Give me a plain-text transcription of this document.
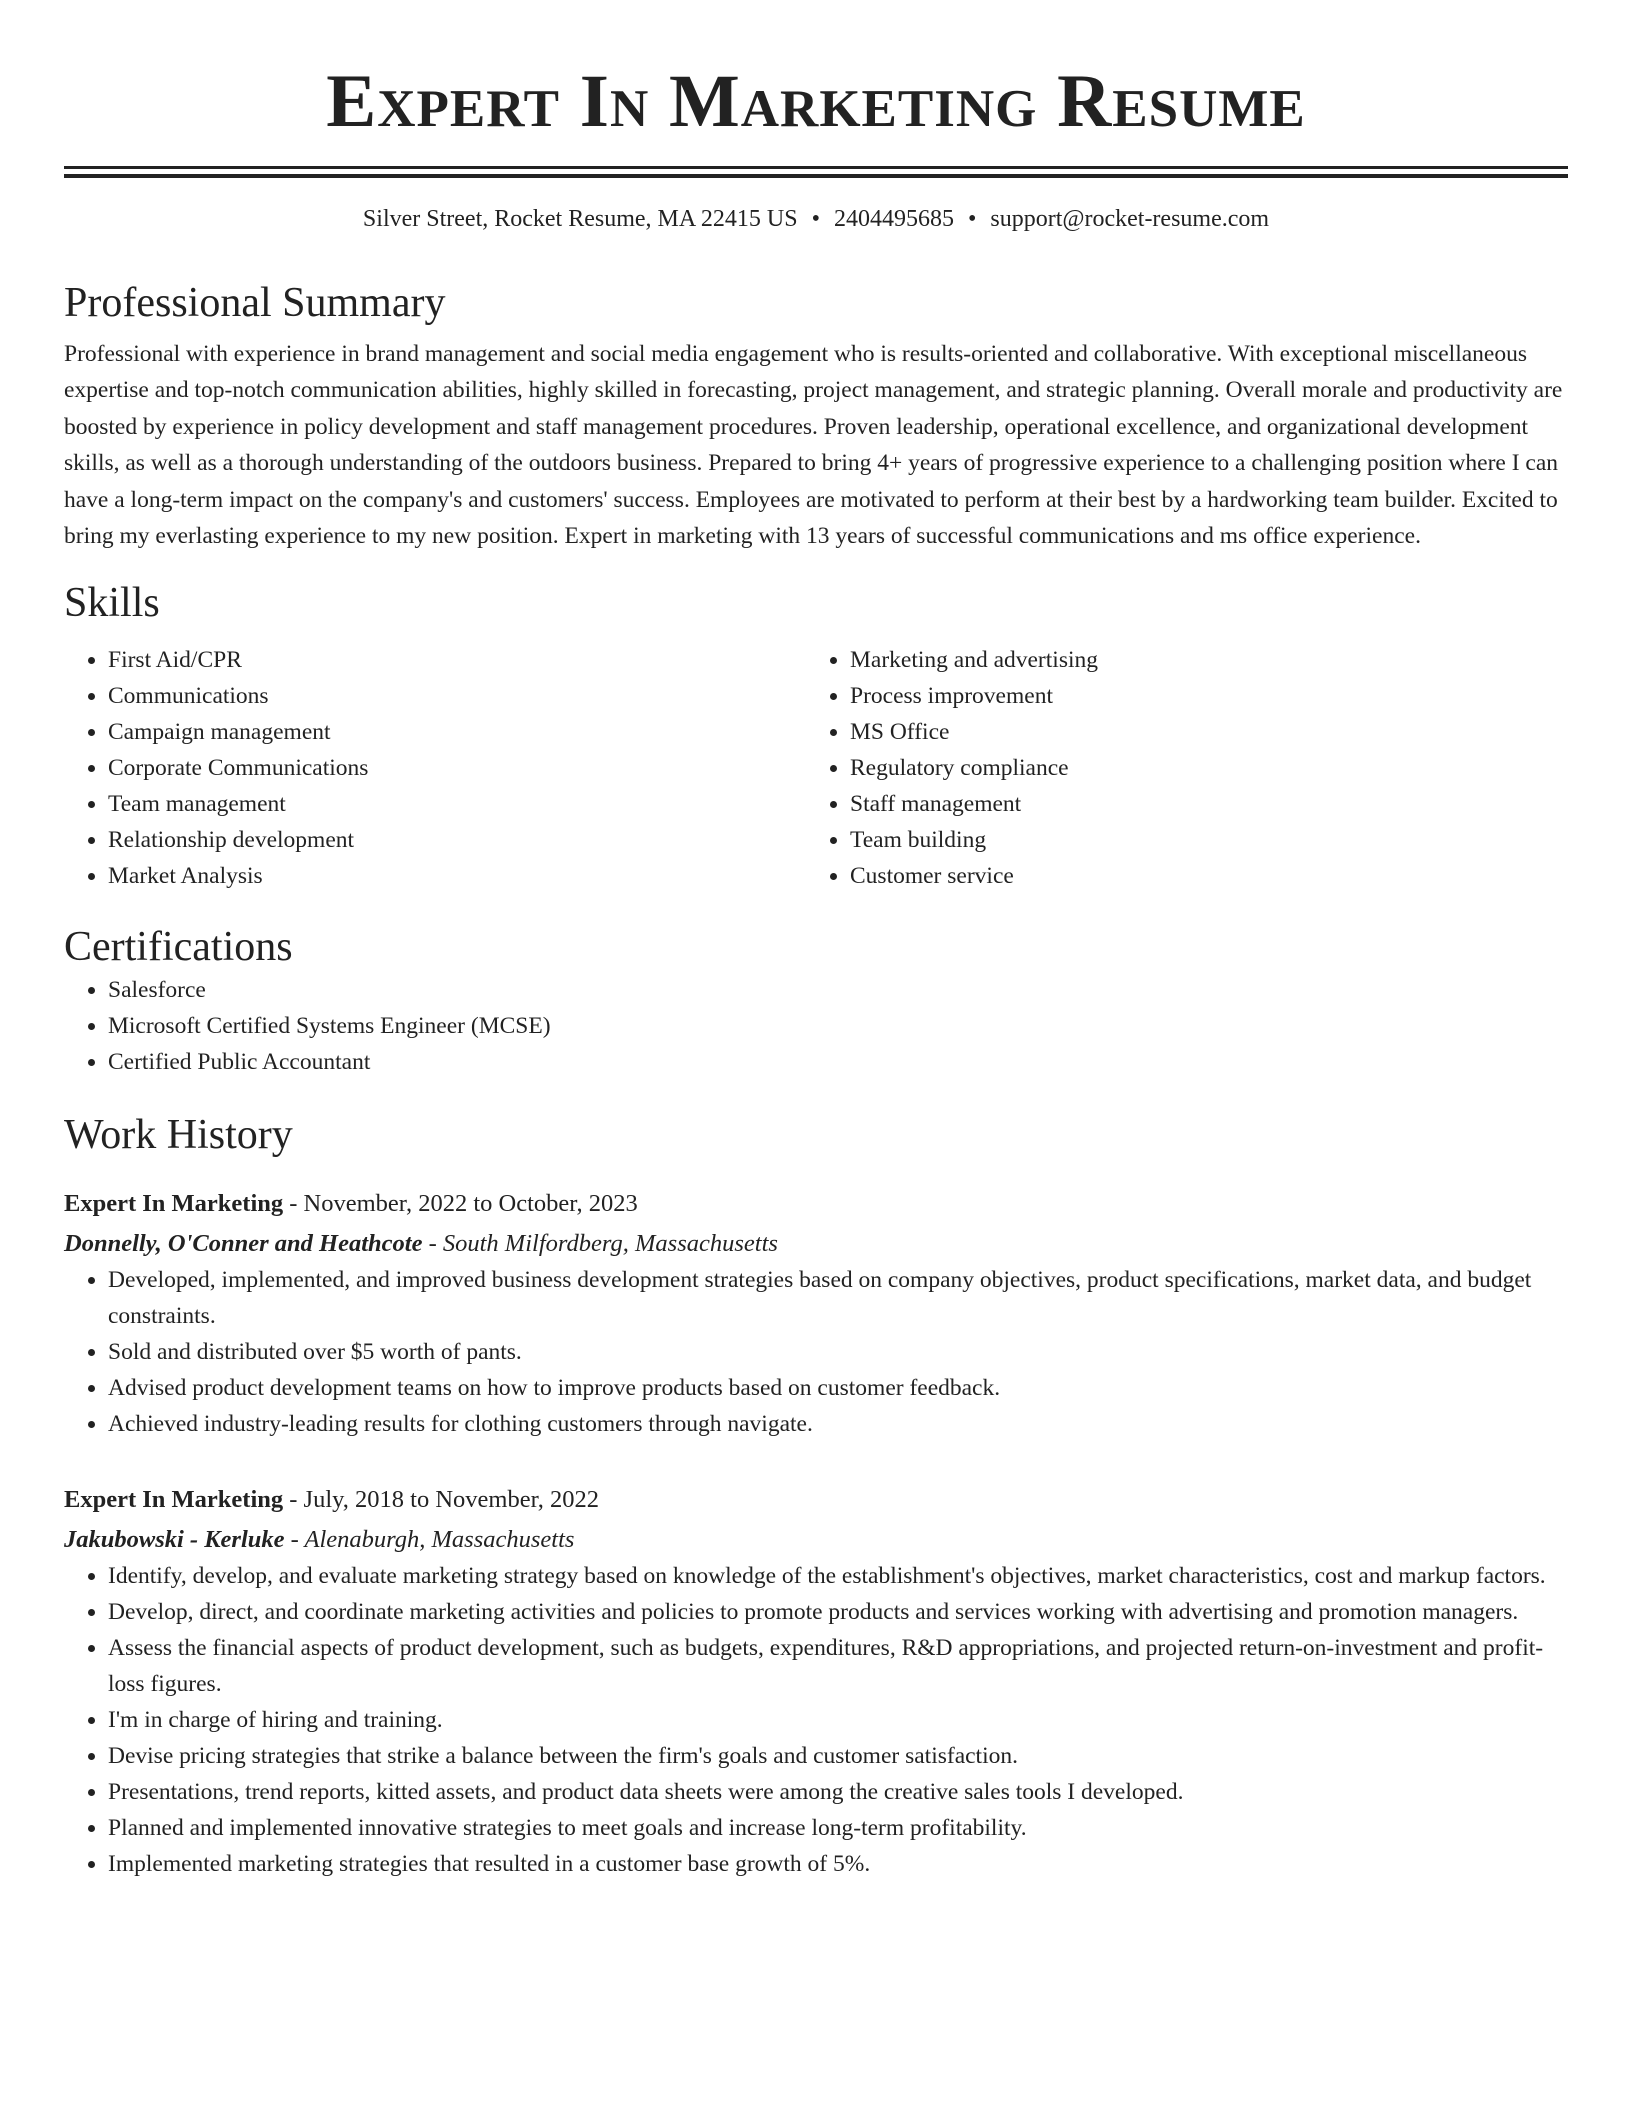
Expert In Marketing Resume
Silver Street, Rocket Resume, MA 22415 US • 2404495685 • support@rocket-resume.com
Professional Summary

Professional with experience in brand management and social media engagement who is results-oriented and collaborative. With exceptional miscellaneous expertise and top-notch communication abilities, highly skilled in forecasting, project management, and strategic planning. Overall morale and productivity are boosted by experience in policy development and staff management procedures. Proven leadership, operational excellence, and organizational development skills, as well as a thorough understanding of the outdoors business. Prepared to bring 4+ years of progressive experience to a challenging position where I can have a long-term impact on the company's and customers' success. Employees are motivated to perform at their best by a hardworking team builder. Excited to bring my everlasting experience to my new position. Expert in marketing with 13 years of successful communications and ms office experience.

Skills
• First Aid/CPR
• Communications
• Campaign management
• Corporate Communications
• Team management
• Relationship development
• Market Analysis
• Marketing and advertising
• Process improvement
• MS Office
• Regulatory compliance
• Staff management
• Team building
• Customer service
Certifications
• Salesforce
• Microsoft Certified Systems Engineer (MCSE)
• Certified Public Accountant
Work History
Expert In Marketing - November, 2022 to October, 2023
Donnelly, O'Conner and Heathcote - South Milfordberg, Massachusetts
• Developed, implemented, and improved business development strategies based on company objectives, product specifications, market data, and budget constraints.
• Sold and distributed over $5 worth of pants.
• Advised product development teams on how to improve products based on customer feedback.
• Achieved industry-leading results for clothing customers through navigate.
Expert In Marketing - July, 2018 to November, 2022
Jakubowski - Kerluke - Alenaburgh, Massachusetts
• Identify, develop, and evaluate marketing strategy based on knowledge of the establishment's objectives, market characteristics, cost and markup factors.
• Develop, direct, and coordinate marketing activities and policies to promote products and services working with advertising and promotion managers.
• Assess the financial aspects of product development, such as budgets, expenditures, R&D appropriations, and projected return-on-investment and profit-loss figures.
• I'm in charge of hiring and training.
• Devise pricing strategies that strike a balance between the firm's goals and customer satisfaction.
• Presentations, trend reports, kitted assets, and product data sheets were among the creative sales tools I developed.
• Planned and implemented innovative strategies to meet goals and increase long-term profitability.
• Implemented marketing strategies that resulted in a customer base growth of 5%.
